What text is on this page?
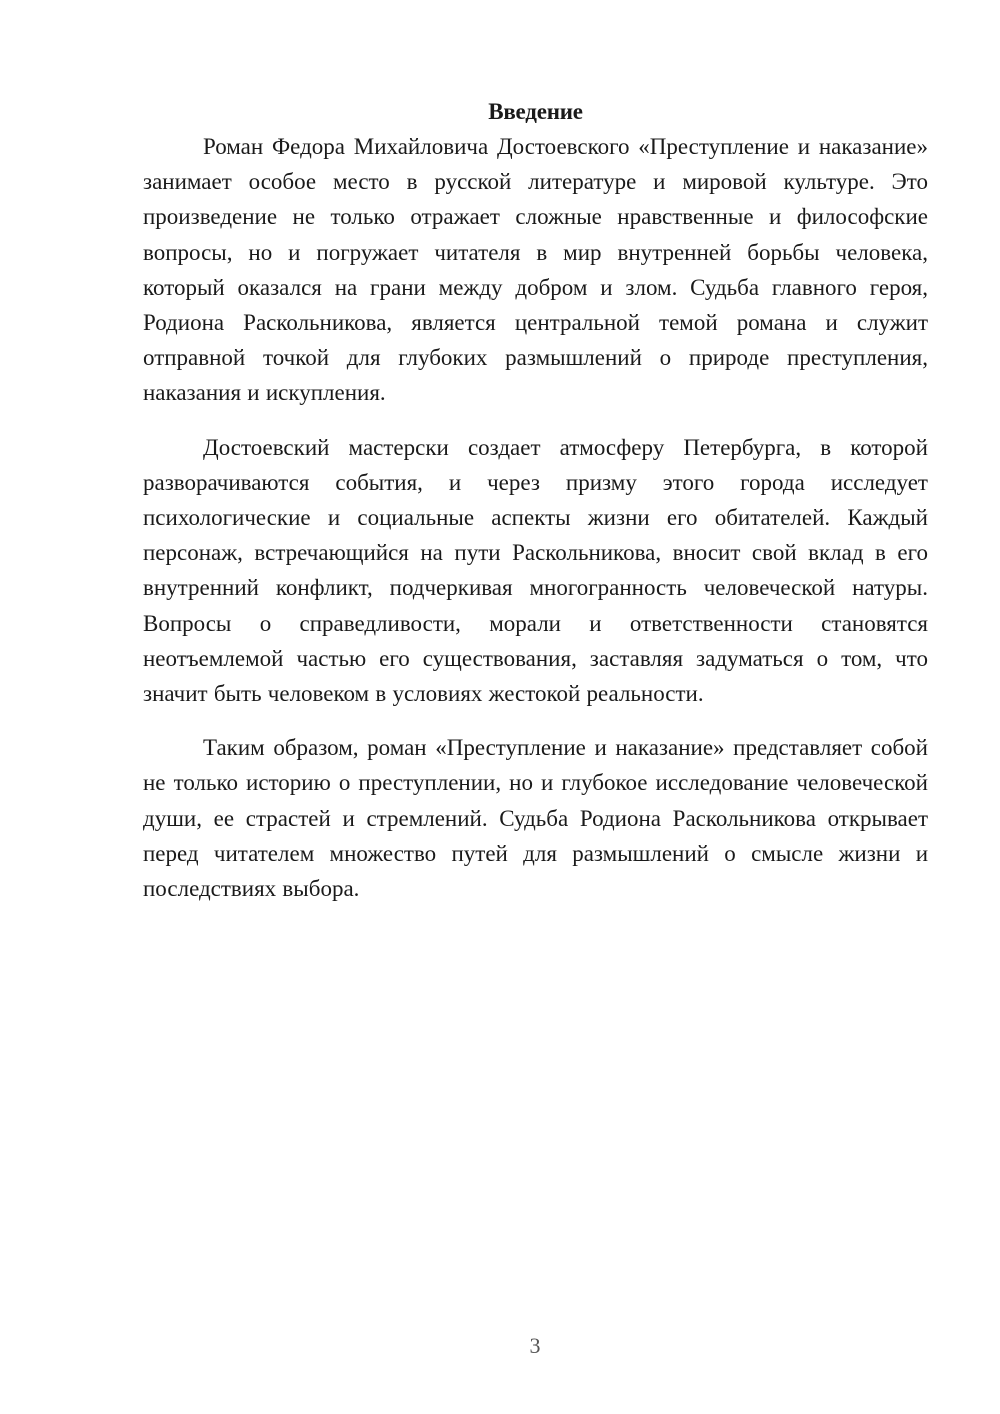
Введение

Роман Федора Михайловича Достоевского «Преступление и наказание» занимает особое место в русской литературе и мировой культуре. Это произведение не только отражает сложные нравственные и философские вопросы, но и погружает читателя в мир внутренней борьбы человека, который оказался на грани между добром и злом. Судьба главного героя, Родиона Раскольникова, является центральной темой романа и служит отправной точкой для глубоких размышлений о природе преступления, наказания и искупления.

Достоевский мастерски создает атмосферу Петербурга, в которой разворачиваются события, и через призму этого города исследует психологические и социальные аспекты жизни его обитателей. Каждый персонаж, встречающийся на пути Раскольникова, вносит свой вклад в его внутренний конфликт, подчеркивая многогранность человеческой натуры. Вопросы о справедливости, морали и ответственности становятся неотъемлемой частью его существования, заставляя задуматься о том, что значит быть человеком в условиях жестокой реальности.

Таким образом, роман «Преступление и наказание» представляет собой не только историю о преступлении, но и глубокое исследование человеческой души, ее страстей и стремлений. Судьба Родиона Раскольникова открывает перед читателем множество путей для размышлений о смысле жизни и последствиях выбора.

3
